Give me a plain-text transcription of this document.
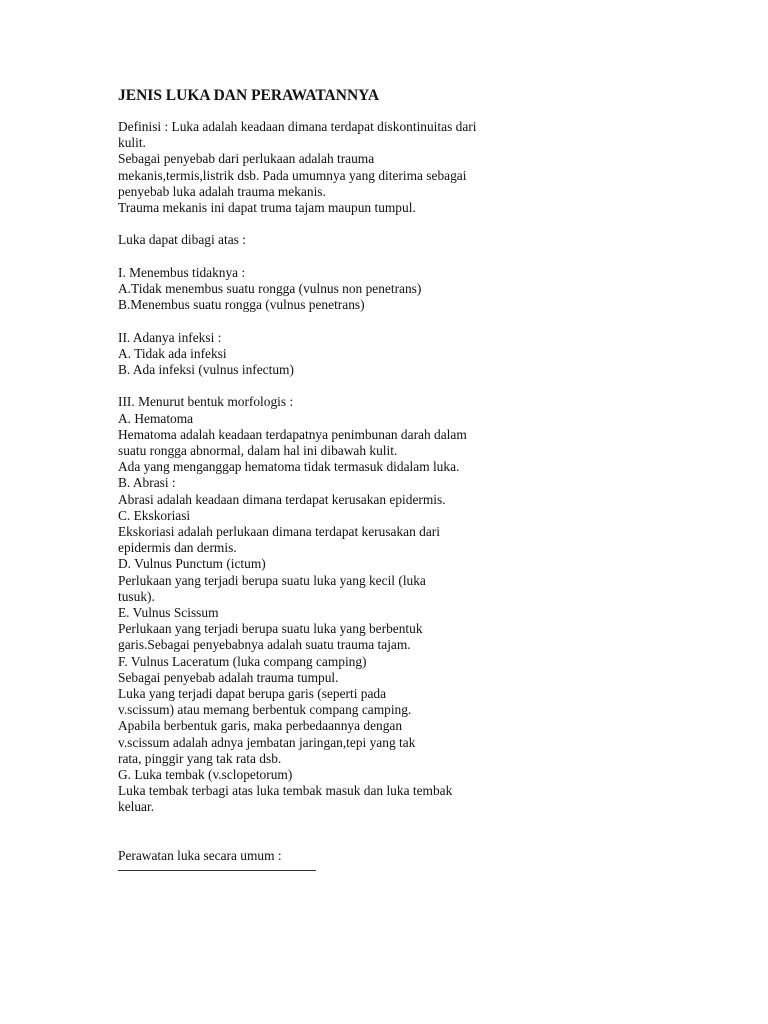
JENIS LUKA DAN PERAWATANNYA
Definisi : Luka adalah keadaan dimana terdapat diskontinuitas dari
kulit.
Sebagai penyebab dari perlukaan adalah trauma
mekanis,termis,listrik dsb. Pada umumnya yang diterima sebagai
penyebab luka adalah trauma mekanis.
Trauma mekanis ini dapat truma tajam maupun tumpul.
Luka dapat dibagi atas :
I. Menembus tidaknya :
A.Tidak menembus suatu rongga (vulnus non penetrans)
B.Menembus suatu rongga (vulnus penetrans)
II. Adanya infeksi :
A. Tidak ada infeksi
B. Ada infeksi (vulnus infectum)
III. Menurut bentuk morfologis :
A. Hematoma
Hematoma adalah keadaan terdapatnya penimbunan darah dalam
suatu rongga abnormal, dalam hal ini dibawah kulit.
Ada yang menganggap hematoma tidak termasuk didalam luka.
B. Abrasi :
Abrasi adalah keadaan dimana terdapat kerusakan epidermis.
C. Ekskoriasi
Ekskoriasi adalah perlukaan dimana terdapat kerusakan dari
epidermis dan dermis.
D. Vulnus Punctum (ictum)
Perlukaan yang terjadi berupa suatu luka yang kecil (luka
tusuk).
E. Vulnus Scissum
Perlukaan yang terjadi berupa suatu luka yang berbentuk
garis.Sebagai penyebabnya adalah suatu trauma tajam.
F. Vulnus Laceratum (luka compang camping)
Sebagai penyebab adalah trauma tumpul.
Luka yang terjadi dapat berupa garis (seperti pada
v.scissum) atau memang berbentuk compang camping.
Apabila berbentuk garis, maka perbedaannya dengan
v.scissum adalah adnya jembatan jaringan,tepi yang tak
rata, pinggir yang tak rata dsb.
G. Luka tembak (v.sclopetorum)
Luka tembak terbagi atas luka tembak masuk dan luka tembak
keluar.
Perawatan luka secara umum :
